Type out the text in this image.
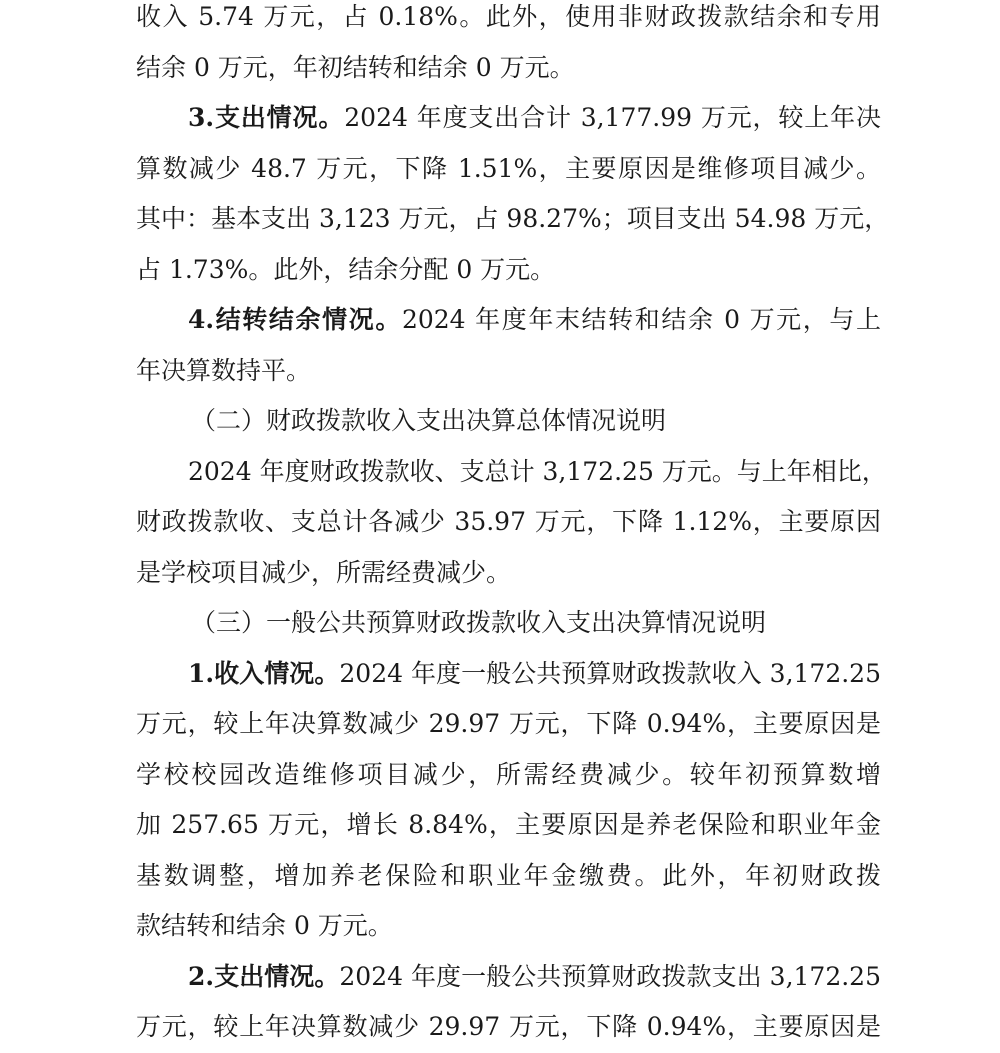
收入 5.74 万元，占 0.18%。此外，使用非财政拨款结余和专用
结余 0 万元，年初结转和结余 0 万元。
3.支出情况。2024 年度支出合计 3,177.99 万元，较上年决
算数减少 48.7 万元，下降 1.51%，主要原因是维修项目减少。
其中：基本支出 3,123 万元，占 98.27%；项目支出 54.98 万元，
占 1.73%。此外，结余分配 0 万元。
4.结转结余情况。2024 年度年末结转和结余 0 万元，与上
年决算数持平。
（二）财政拨款收入支出决算总体情况说明
2024 年度财政拨款收、支总计 3,172.25 万元。与上年相比，
财政拨款收、支总计各减少 35.97 万元，下降 1.12%，主要原因
是学校项目减少，所需经费减少。
（三）一般公共预算财政拨款收入支出决算情况说明
1.收入情况。2024 年度一般公共预算财政拨款收入 3,172.25
万元，较上年决算数减少 29.97 万元，下降 0.94%，主要原因是
学校校园改造维修项目减少，所需经费减少。较年初预算数增
加 257.65 万元，增长 8.84%，主要原因是养老保险和职业年金
基数调整，增加养老保险和职业年金缴费。此外，年初财政拨
款结转和结余 0 万元。
2.支出情况。2024 年度一般公共预算财政拨款支出 3,172.25
万元，较上年决算数减少 29.97 万元，下降 0.94%，主要原因是
